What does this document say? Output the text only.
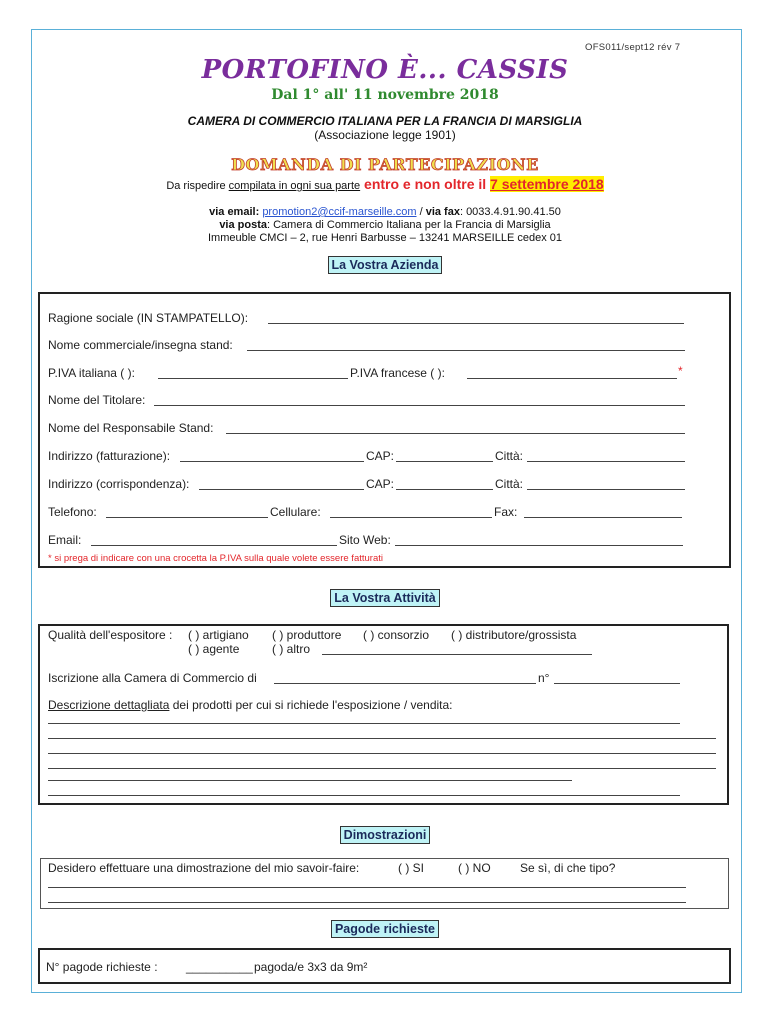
OFS011/sept12 rév 7
PORTOFINO È... CASSIS
Dal 1° all' 11 novembre 2018
CAMERA DI COMMERCIO ITALIANA PER LA FRANCIA DI MARSIGLIA
(Associazione legge 1901)
DOMANDA DI PARTECIPAZIONE
Da rispedire compilata in ogni sua parte entro e non oltre il 7 settembre 2018
via email: promotion2@ccif-marseille.com / via fax: 0033.4.91.90.41.50
via posta: Camera di Commercio Italiana per la Francia di Marsiglia
Immeuble CMCI – 2, rue Henri Barbusse – 13241 MARSEILLE cedex 01
La Vostra Azienda
Ragione sociale (IN STAMPATELLO):
Nome commerciale/insegna stand:
P.IVA italiana ( ):	P.IVA francese ( ):	*
Nome del Titolare:
Nome del Responsabile Stand:
Indirizzo (fatturazione):	CAP:	Città:
Indirizzo (corrispondenza):	CAP:	Città:
Telefono:	Cellulare:	Fax:
Email:	Sito Web:
* si prega di indicare con una crocetta la P.IVA sulla quale volete essere fatturati
La Vostra Attività
Qualità dell'espositore : ( ) artigiano ( ) produttore ( ) consorzio ( ) distributore/grossista
( ) agente	( ) altro
Iscrizione alla Camera di Commercio di	n°
Descrizione dettagliata dei prodotti per cui si richiede l'esposizione / vendita:
Dimostrazioni
Desidero effettuare una dimostrazione del mio savoir-faire:	( ) SI	( ) NO Se sì, di che tipo?
Pagode richieste
N° pagode richieste : __________ pagoda/e 3x3 da 9m²
